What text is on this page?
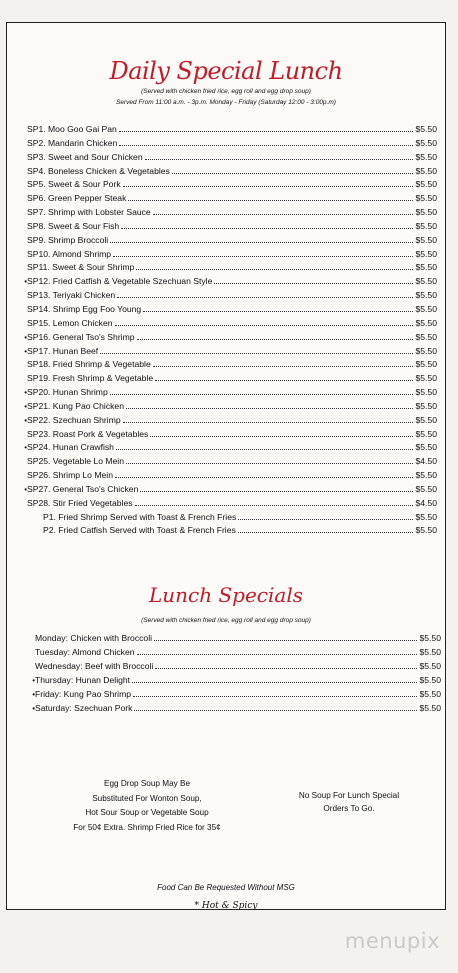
Daily Special Lunch
(Served with chicken fried rice, egg roll and egg drop soup)
Served From 11:00 a.m. - 3p.m. Monday - Friday (Saturday 12:00 - 3:00p.m)
SP1. Moo Goo Gai Pan	$5.50
SP2. Mandarin Chicken	$5.50
SP3. Sweet and Sour Chicken	$5.50
SP4. Boneless Chicken & Vegetables	$5.50
SP5. Sweet & Sour Pork	$5.50
SP6. Green Pepper Steak	$5.50
SP7. Shrimp with Lobster Sauce	$5.50
SP8. Sweet & Sour Fish	$5.50
SP9. Shrimp Broccoli	$5.50
SP10. Almond Shrimp	$5.50
SP11. Sweet & Sour Shrimp	$5.50
• SP12. Fried Catfish & Vegetable Szechuan Style	$5.50
SP13. Teriyaki Chicken	$5.50
SP14. Shrimp Egg Foo Young	$5.50
SP15. Lemon Chicken	$5.50
• SP16. General Tso's Shrimp	$5.50
• SP17. Hunan Beef	$5.50
SP18. Fried Shrimp & Vegetable	$5.50
SP19. Fresh Shrimp & Vegetable	$5.50
• SP20. Hunan Shrimp	$5.50
• SP21. Kung Pao Chicken	$5.50
• SP22. Szechuan Shrimp	$5.50
SP23. Roast Pork & Vegetables	$5.50
• SP24. Hunan Crawfish	$5.50
SP25. Vegetable Lo Mein	$4.50
SP26. Shrimp Lo Mein	$5.50
• SP27. General Tso's Chicken	$5.50
SP28. Stir Fried Vegetables	$4.50
P1. Fried Shrimp Served with Toast & French Fries	$5.50
P2. Fried Catfish Served with Toast & French Fries	$5.50
Lunch Specials
(Served with chicken fried rice, egg roll and egg drop soup)
Monday: Chicken with Broccoli	$5.50
Tuesday: Almond Chicken	$5.50
Wednesday: Beef with Broccoli	$5.50
• Thursday: Hunan Delight	$5.50
• Friday: Kung Pao Shrimp	$5.50
• Saturday: Szechuan Pork	$5.50
Egg Drop Soup May Be
Substituted For Wonton Soup,
Hot Sour Soup or Vegetable Soup
For 50¢ Extra. Shrimp Fried Rice for 35¢
No Soup For Lunch Special
Orders To Go.
Food Can Be Requested Without MSG
* Hot & Spicy
menupix
